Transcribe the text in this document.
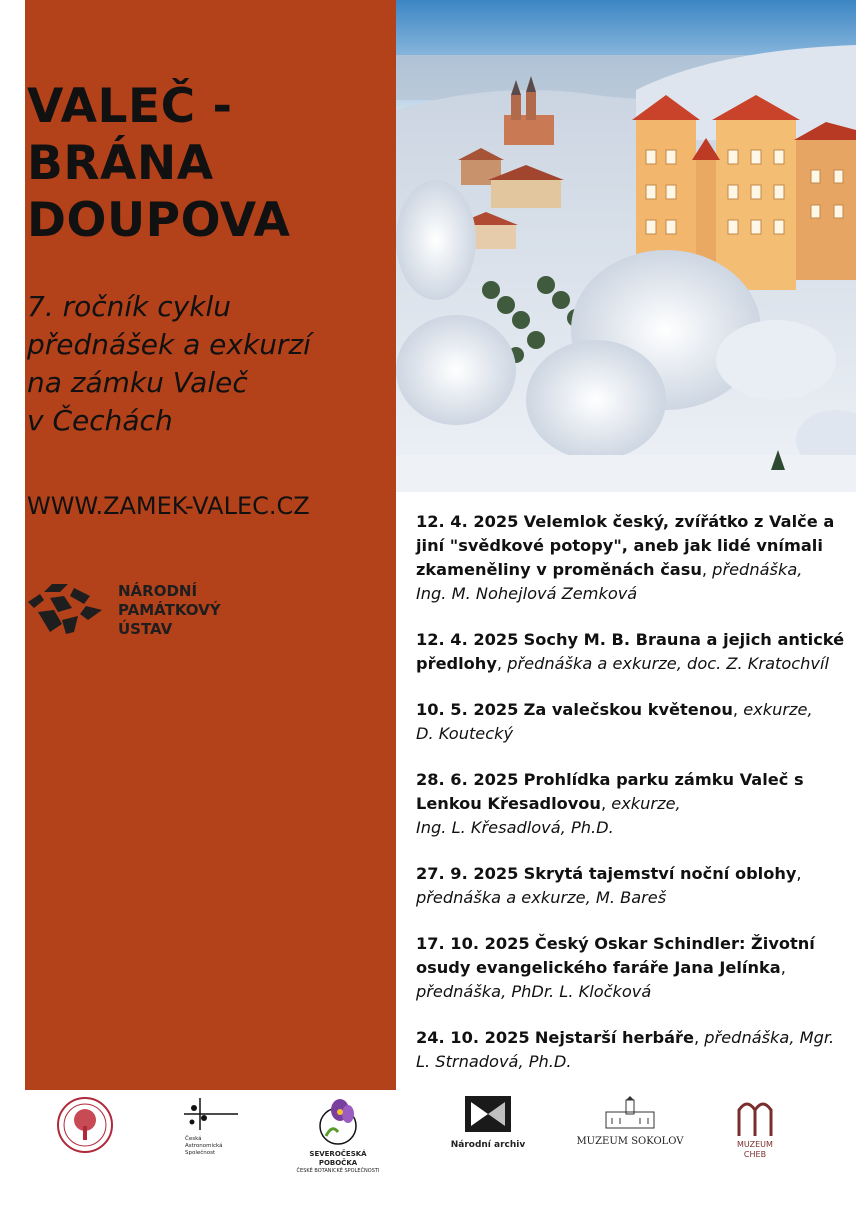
VALEČ -
BRÁNA
DOUPOVA
7. ročník cyklu
přednášek a exkurzí
na zámku Valeč
v Čechách
WWW.ZAMEK-VALEC.CZ
NÁRODNÍ
PAMÁTKOVÝ
ÚSTAV
12. 4. 2025 Velemlok český, zvířátko z Valče a jiní "svědkové potopy", aneb jak lidé vnímali zkameněliny v proměnách času, přednáška,
Ing. M. Nohejlová Zemková
12. 4. 2025 Sochy M. B. Brauna a jejich antické předlohy, přednáška a exkurze, doc. Z. Kratochvíl
10. 5. 2025 Za valečskou květenou, exkurze,
D. Koutecký
28. 6. 2025 Prohlídka parku zámku Valeč s Lenkou Křesadlovou, exkurze,
Ing. L. Křesadlová, Ph.D.
27. 9. 2025 Skrytá tajemství noční oblohy,
přednáška a exkurze, M. Bareš
17. 10. 2025 Český Oskar Schindler: Životní osudy evangelického faráře Jana Jelínka,
přednáška, PhDr. L. Kločková
24. 10. 2025 Nejstarší herbáře, přednáška, Mgr. L. Strnadová, Ph.D.
Česká
Astronomická
Společnost	SEVEROČESKÁ POBOČKA
ČESKÉ BOTANICKÉ SPOLEČNOSTI
Národní archiv	MUZEUM SOKOLOV	MUZEUM
CHEB
